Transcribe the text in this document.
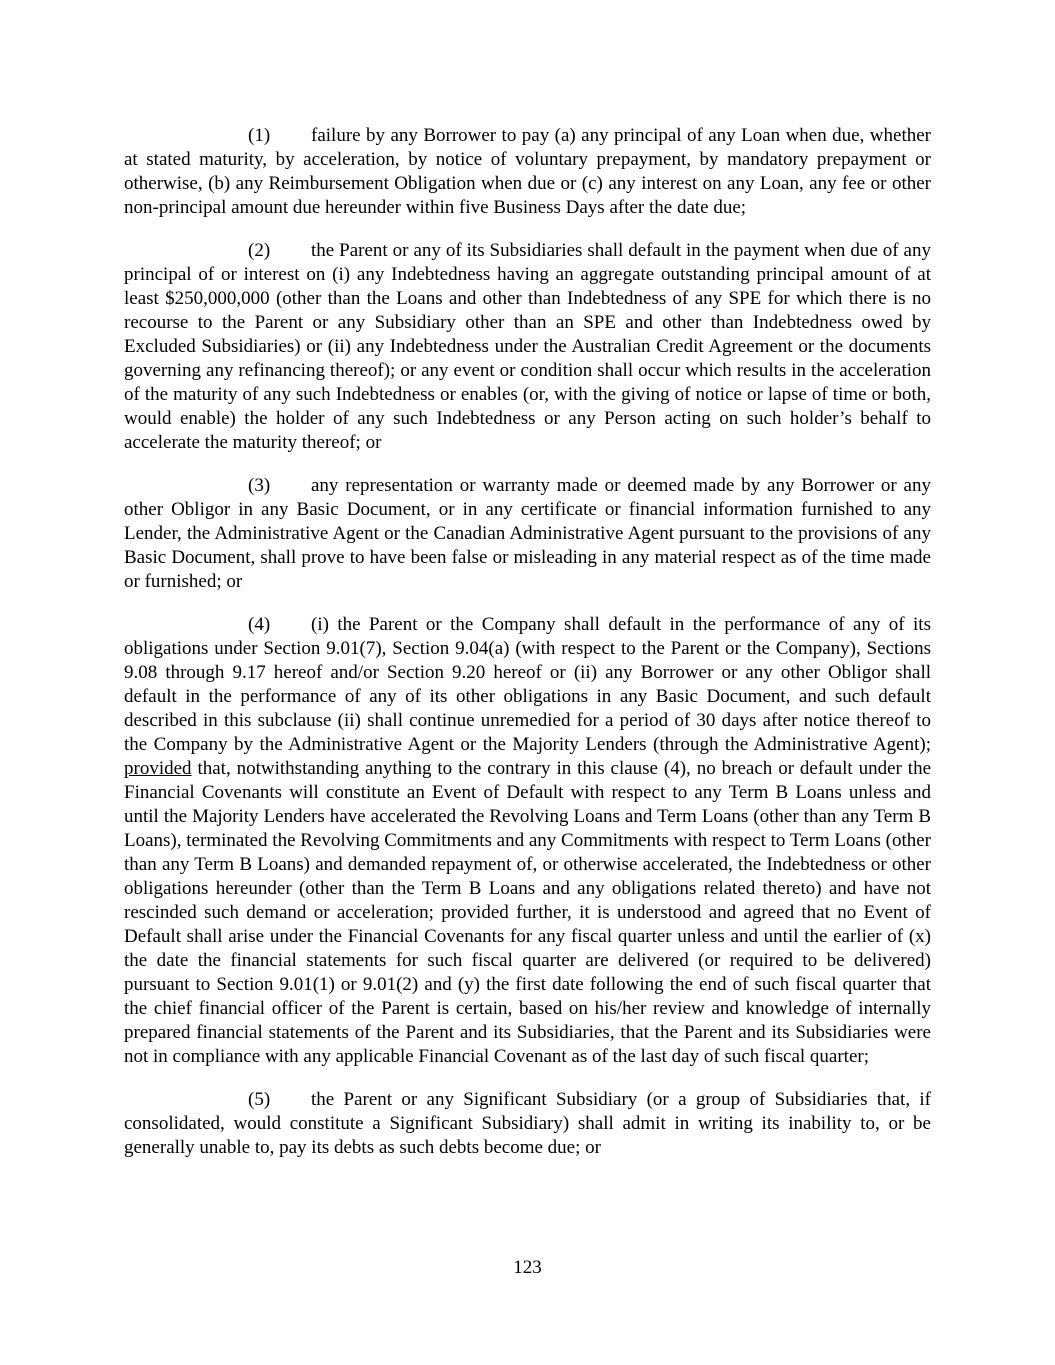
(1) failure by any Borrower to pay (a) any principal of any Loan when due, whether at stated maturity, by acceleration, by notice of voluntary prepayment, by mandatory prepayment or otherwise, (b) any Reimbursement Obligation when due or (c) any interest on any Loan, any fee or other non-principal amount due hereunder within five Business Days after the date due;

(2) the Parent or any of its Subsidiaries shall default in the payment when due of any principal of or interest on (i) any Indebtedness having an aggregate outstanding principal amount of at least $250,000,000 (other than the Loans and other than Indebtedness of any SPE for which there is no recourse to the Parent or any Subsidiary other than an SPE and other than Indebtedness owed by Excluded Subsidiaries) or (ii) any Indebtedness under the Australian Credit Agreement or the documents governing any refinancing thereof); or any event or condition shall occur which results in the acceleration of the maturity of any such Indebtedness or enables (or, with the giving of notice or lapse of time or both, would enable) the holder of any such Indebtedness or any Person acting on such holder’s behalf to accelerate the maturity thereof; or

(3) any representation or warranty made or deemed made by any Borrower or any other Obligor in any Basic Document, or in any certificate or financial information furnished to any Lender, the Administrative Agent or the Canadian Administrative Agent pursuant to the provisions of any Basic Document, shall prove to have been false or misleading in any material respect as of the time made or furnished; or

(4) (i) the Parent or the Company shall default in the performance of any of its obligations under Section 9.01(7), Section 9.04(a) (with respect to the Parent or the Company), Sections 9.08 through 9.17 hereof and/or Section 9.20 hereof or (ii) any Borrower or any other Obligor shall default in the performance of any of its other obligations in any Basic Document, and such default described in this subclause (ii) shall continue unremedied for a period of 30 days after notice thereof to the Company by the Administrative Agent or the Majority Lenders (through the Administrative Agent); provided that, notwithstanding anything to the contrary in this clause (4), no breach or default under the Financial Covenants will constitute an Event of Default with respect to any Term B Loans unless and until the Majority Lenders have accelerated the Revolving Loans and Term Loans (other than any Term B Loans), terminated the Revolving Commitments and any Commitments with respect to Term Loans (other than any Term B Loans) and demanded repayment of, or otherwise accelerated, the Indebtedness or other obligations hereunder (other than the Term B Loans and any obligations related thereto) and have not rescinded such demand or acceleration; provided further, it is understood and agreed that no Event of Default shall arise under the Financial Covenants for any fiscal quarter unless and until the earlier of (x) the date the financial statements for such fiscal quarter are delivered (or required to be delivered) pursuant to Section 9.01(1) or 9.01(2) and (y) the first date following the end of such fiscal quarter that the chief financial officer of the Parent is certain, based on his/her review and knowledge of internally prepared financial statements of the Parent and its Subsidiaries, that the Parent and its Subsidiaries were not in compliance with any applicable Financial Covenant as of the last day of such fiscal quarter;

(5) the Parent or any Significant Subsidiary (or a group of Subsidiaries that, if consolidated, would constitute a Significant Subsidiary) shall admit in writing its inability to, or be generally unable to, pay its debts as such debts become due; or

123
